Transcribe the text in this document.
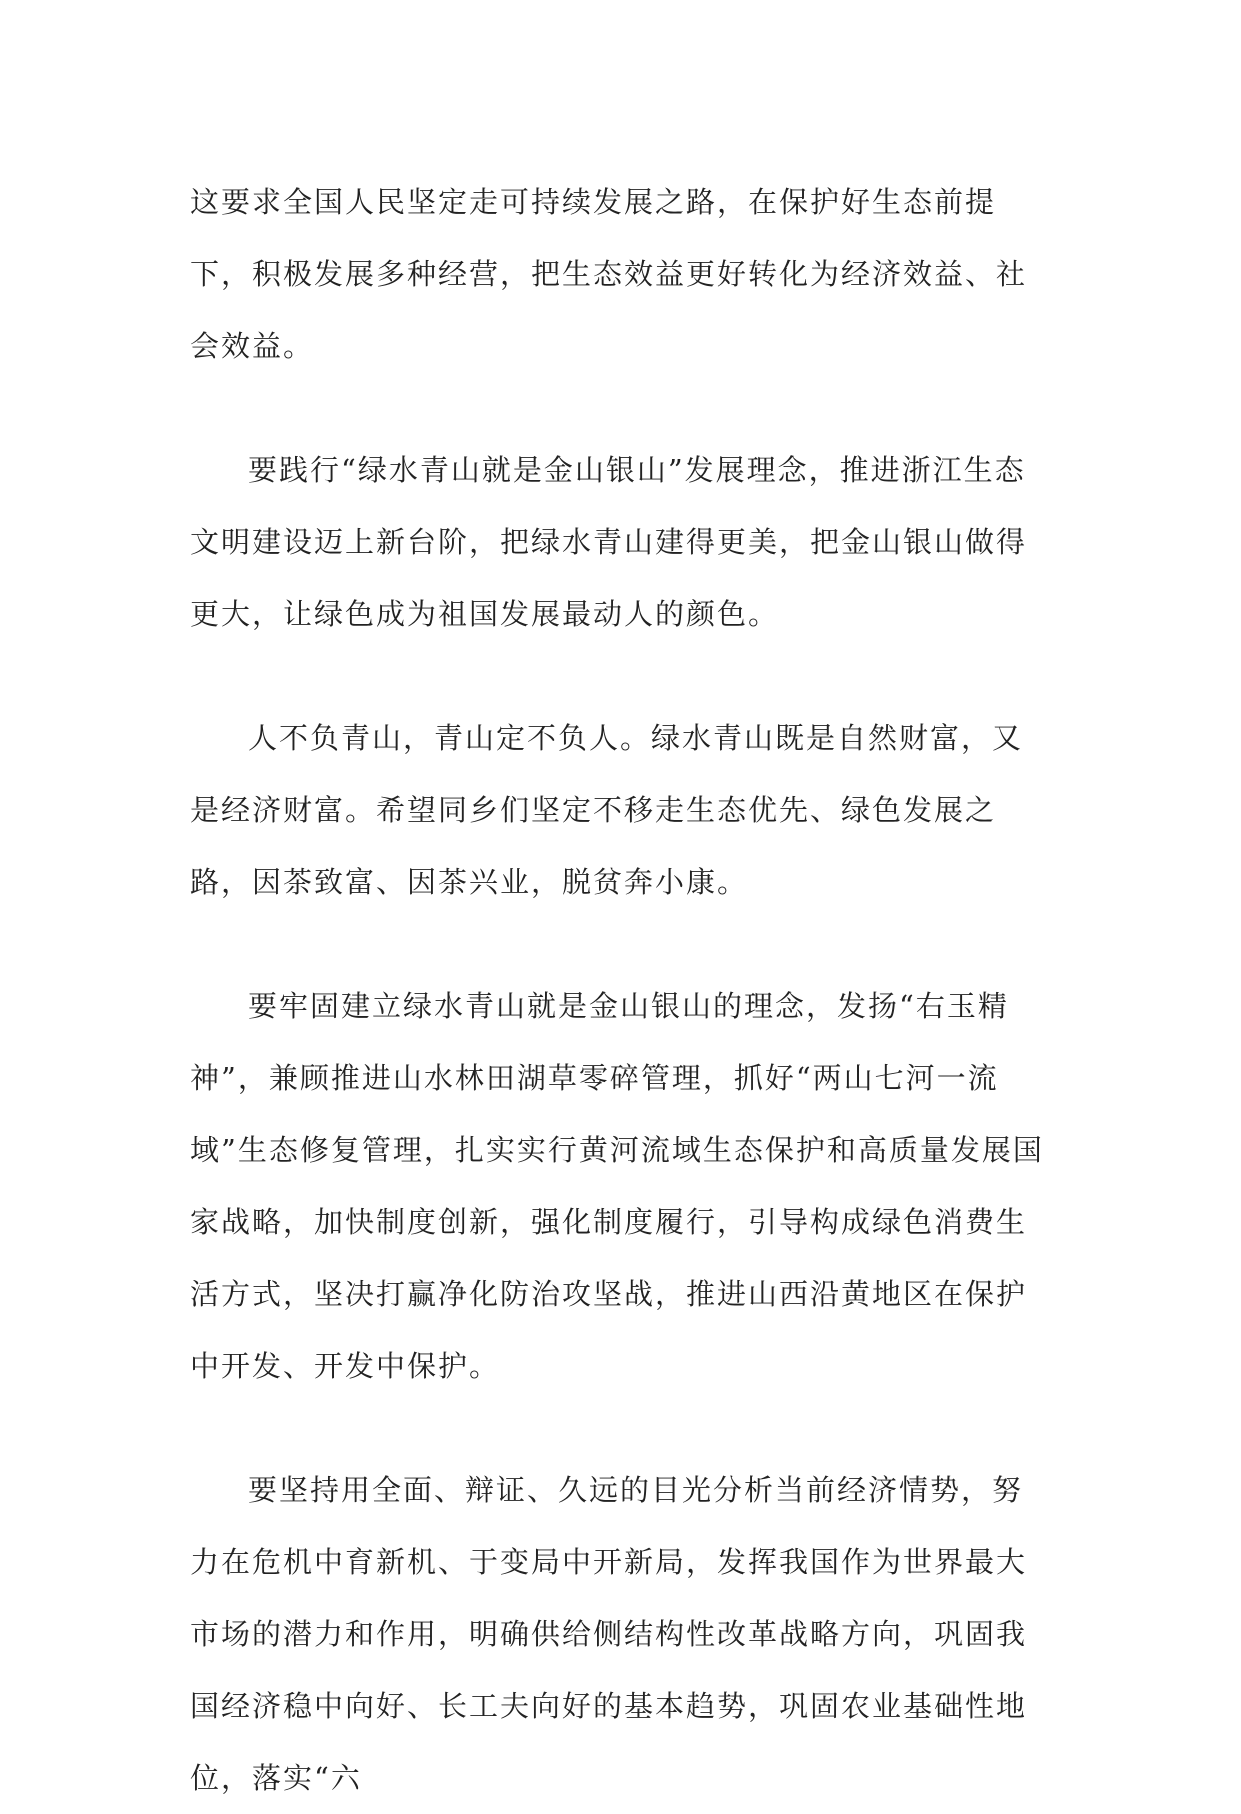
这要求全国人民坚定走可持续发展之路，在保护好生态前提下，积极发展多种经营，把生态效益更好转化为经济效益、社会效益。

要践行“绿水青山就是金山银山”发展理念，推进浙江生态文明建设迈上新台阶，把绿水青山建得更美，把金山银山做得更大，让绿色成为祖国发展最动人的颜色。

人不负青山，青山定不负人。绿水青山既是自然财富，又是经济财富。希望同乡们坚定不移走生态优先、绿色发展之路，因茶致富、因茶兴业，脱贫奔小康。

要牢固建立绿水青山就是金山银山的理念，发扬“右玉精神”，兼顾推进山水林田湖草零碎管理，抓好“两山七河一流域”生态修复管理，扎实实行黄河流域生态保护和高质量发展国家战略，加快制度创新，强化制度履行，引导构成绿色消费生活方式，坚决打赢净化防治攻坚战，推进山西沿黄地区在保护中开发、开发中保护。

要坚持用全面、辩证、久远的目光分析当前经济情势，努力在危机中育新机、于变局中开新局，发挥我国作为世界最大市场的潜力和作用，明确供给侧结构性改革战略方向，巩固我国经济稳中向好、长工夫向好的基本趋势，巩固农业基础性地位，落实“六
